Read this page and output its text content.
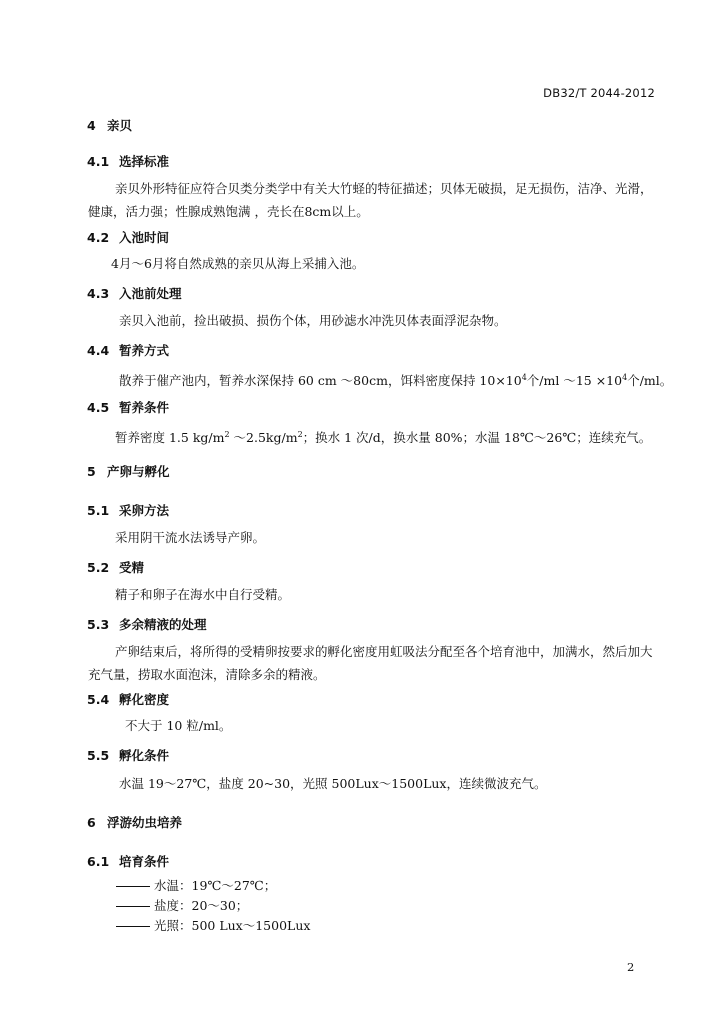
DB32/T 2044-2012
4 亲贝
4.1 选择标准
亲贝外形特征应符合贝类分类学中有关大竹蛏的特征描述；贝体无破损，足无损伤，洁净、光滑，
健康，活力强；性腺成熟饱满 ，壳长在8cm以上。
4.2 入池时间
4月～6月将自然成熟的亲贝从海上采捕入池。
4.3 入池前处理
亲贝入池前，捡出破损、损伤个体，用砂滤水冲洗贝体表面浮泥杂物。
4.4 暂养方式
散养于催产池内，暂养水深保持 60 cm ～80cm，饵料密度保持 $10\times 10^4$个/ml ～15 $\times 10^4$个/ml。
4.5 暂养条件
暂养密度 1.5 $kg/m^2$ $\sim 2.5kg/m^2$；换水 1 次/d，换水量 80%；水温 18℃～26℃；连续充气。
5 产卵与孵化
5.1 采卵方法
采用阴干流水法诱导产卵。
5.2 受精
精子和卵子在海水中自行受精。
5.3 多余精液的处理
产卵结束后，将所得的受精卵按要求的孵化密度用虹吸法分配至各个培育池中，加满水，然后加大
充气量，捞取水面泡沫，清除多余的精液。
5.4 孵化密度
不大于 10 粒/ml。
5.5 孵化条件
水温 19～27℃，盐度 20~30，光照 500Lux～1500Lux，连续微波充气。
6 浮游幼虫培养
6.1 培育条件
水温：19℃～27℃；
盐度：20～30；
光照：500 Lux～1500Lux
2
